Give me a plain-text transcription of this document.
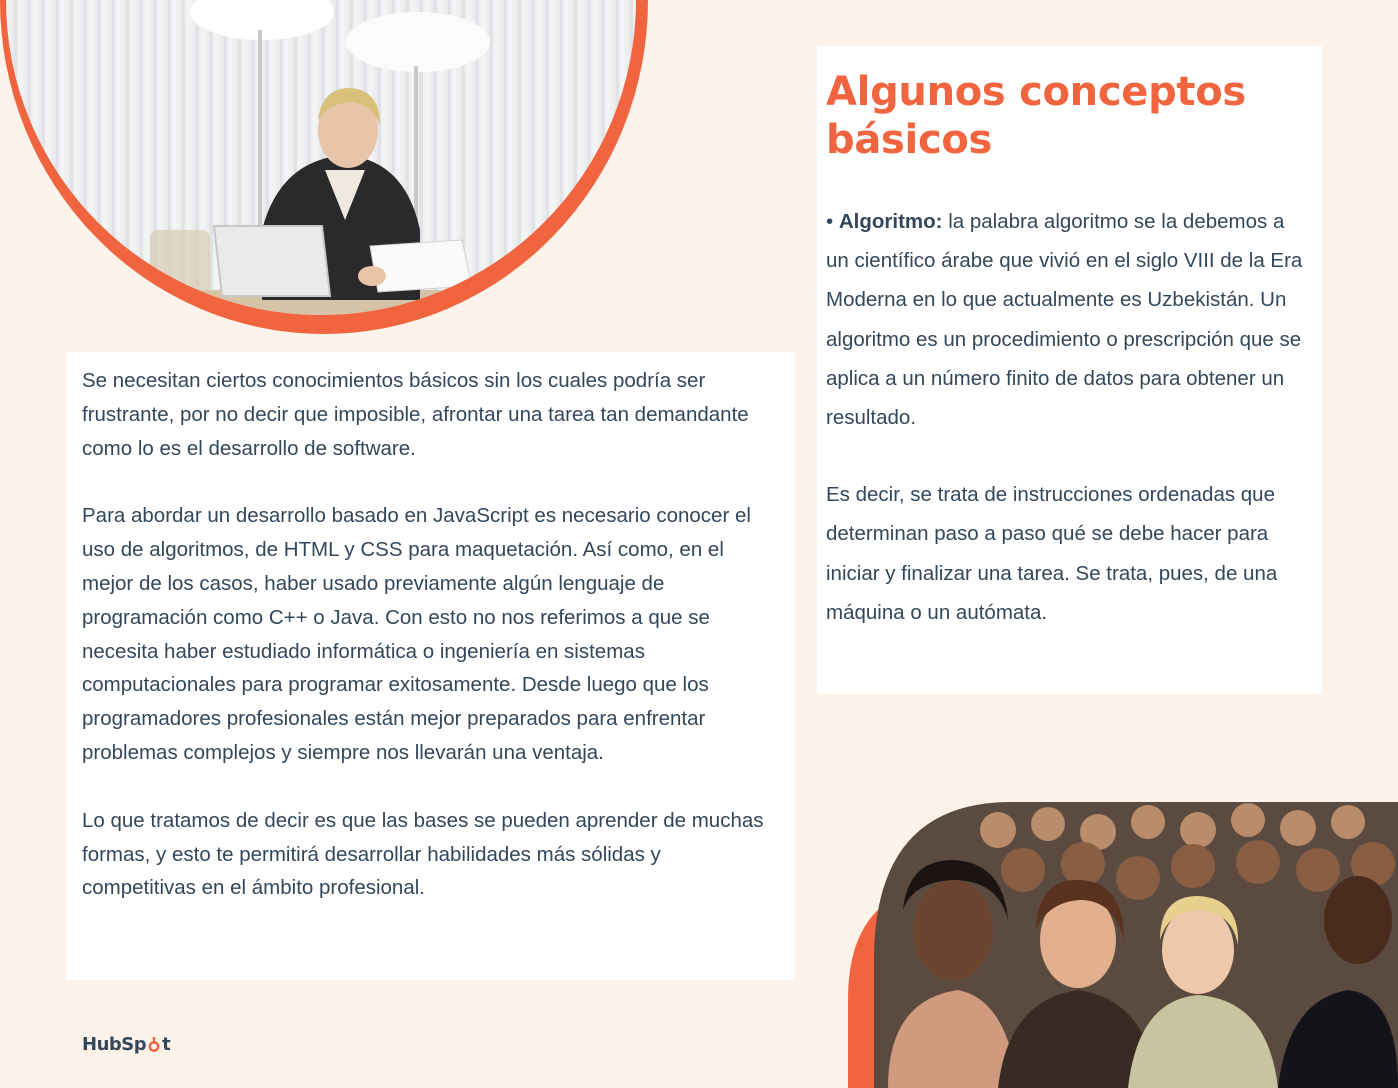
Se necesitan ciertos conocimientos básicos sin los cuales podría ser frustrante, por no decir que imposible, afrontar una tarea tan demandante como lo es el desarrollo de software.

Para abordar un desarrollo basado en JavaScript es necesario conocer el uso de algoritmos, de HTML y CSS para maquetación. Así como, en el mejor de los casos, haber usado previamente algún lenguaje de programación como C++ o Java. Con esto no nos referimos a que se necesita haber estudiado informática o ingeniería en sistemas computacionales para programar exitosamente. Desde luego que los programadores profesionales están mejor preparados para enfrentar problemas complejos y siempre nos llevarán una ventaja.

Lo que tratamos de decir es que las bases se pueden aprender de muchas formas, y esto te permitirá desarrollar habilidades más sólidas y competitivas en el ámbito profesional.

Algunos conceptos básicos

• Algoritmo: la palabra algoritmo se la debemos a un científico árabe que vivió en el siglo VIII de la Era Moderna en lo que actualmente es Uzbekistán. Un algoritmo es un procedimiento o prescripción que se aplica a un número finito de datos para obtener un resultado.

Es decir, se trata de instrucciones ordenadas que determinan paso a paso qué se debe hacer para iniciar y finalizar una tarea. Se trata, pues, de una máquina o un autómata.

HubSp t
